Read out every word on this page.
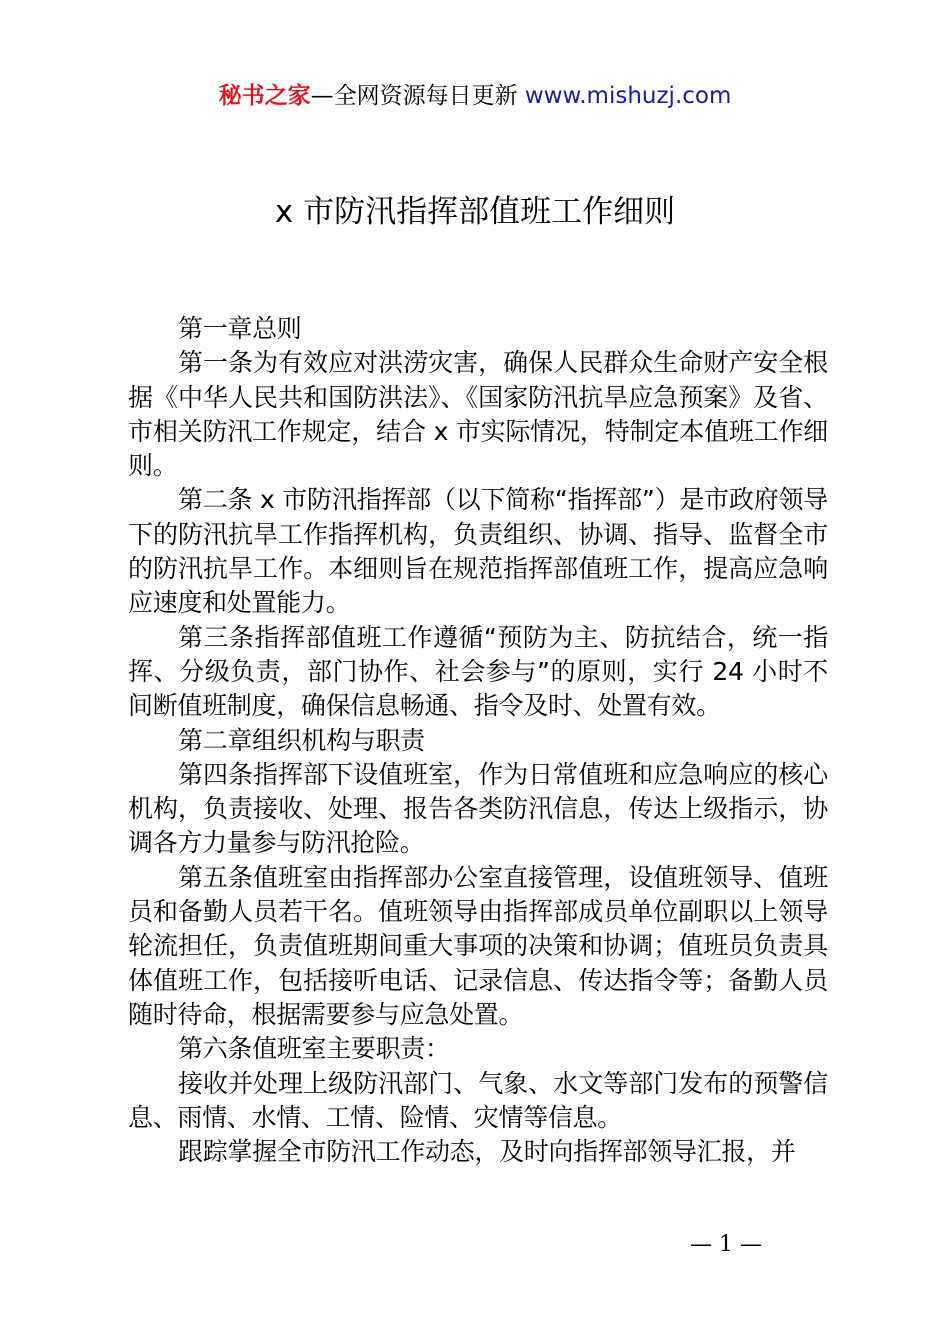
秘书之家—全网资源每日更新 www.mishuzj.com
x 市防汛指挥部值班工作细则

第一章总则

第一条为有效应对洪涝灾害，确保人民群众生命财产安全根据《中华人民共和国防洪法》、《国家防汛抗旱应急预案》及省、市相关防汛工作规定，结合 x 市实际情况，特制定本值班工作细则。

第二条 x 市防汛指挥部（以下简称“指挥部”）是市政府领导下的防汛抗旱工作指挥机构，负责组织、协调、指导、监督全市的防汛抗旱工作。本细则旨在规范指挥部值班工作，提高应急响应速度和处置能力。

第三条指挥部值班工作遵循“预防为主、防抗结合，统一指挥、分级负责，部门协作、社会参与”的原则，实行 24 小时不间断值班制度，确保信息畅通、指令及时、处置有效。

第二章组织机构与职责

第四条指挥部下设值班室，作为日常值班和应急响应的核心机构，负责接收、处理、报告各类防汛信息，传达上级指示，协调各方力量参与防汛抢险。

第五条值班室由指挥部办公室直接管理，设值班领导、值班员和备勤人员若干名。值班领导由指挥部成员单位副职以上领导轮流担任，负责值班期间重大事项的决策和协调；值班员负责具体值班工作，包括接听电话、记录信息、传达指令等；备勤人员随时待命，根据需要参与应急处置。

第六条值班室主要职责：

接收并处理上级防汛部门、气象、水文等部门发布的预警信息、雨情、水情、工情、险情、灾情等信息。

跟踪掌握全市防汛工作动态，及时向指挥部领导汇报，并

— 1 —
